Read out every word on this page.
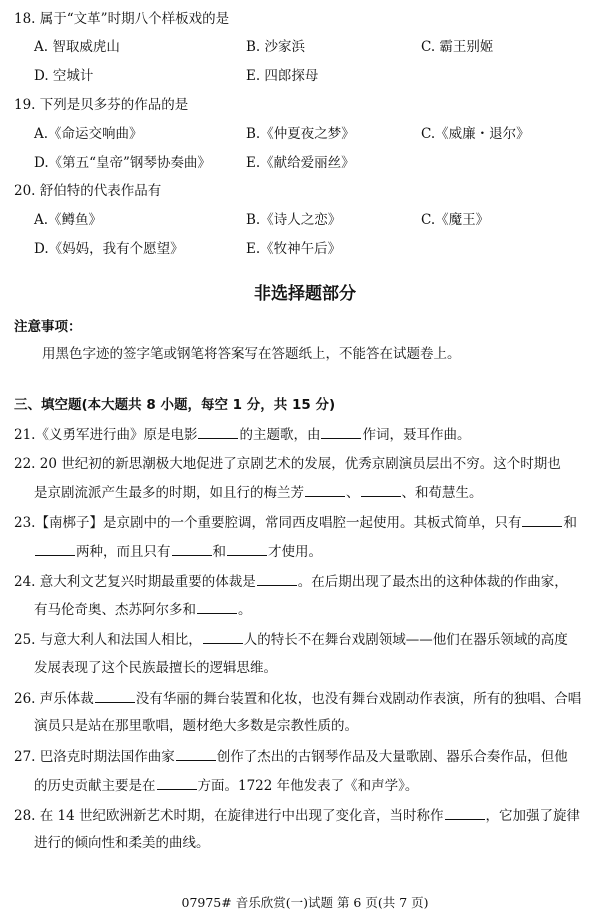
18. 属于“文革”时期八个样板戏的是
A. 智取威虎山	B. 沙家浜	C. 霸王别姬
D. 空城计	E. 四郎探母
19. 下列是贝多芬的作品的是
A.《命运交响曲》	B.《仲夏夜之梦》	C.《威廉・退尔》
D.《第五“皇帝”钢琴协奏曲》	E.《献给爱丽丝》
20. 舒伯特的代表作品有
A.《鳟鱼》	B.《诗人之恋》	C.《魔王》
D.《妈妈，我有个愿望》	E.《牧神午后》
非选择题部分
注意事项：
用黑色字迹的签字笔或钢笔将答案写在答题纸上，不能答在试题卷上。
三、填空题(本大题共 8 小题，每空 1 分，共 15 分)
21.《义勇军进行曲》原是电影	的主题歌，由	作词，聂耳作曲。
22. 20 世纪初的新思潮极大地促进了京剧艺术的发展，优秀京剧演员层出不穷。这个时期也
是京剧流派产生最多的时期，如且行的梅兰芳	、	、和荀慧生。
23.【南梆子】是京剧中的一个重要腔调，常同西皮唱腔一起使用。其板式简单，只有	和
两种，而且只有	和	才使用。
24. 意大利文艺复兴时期最重要的体裁是	。在后期出现了最杰出的这种体裁的作曲家，
有马伦奇奥、杰苏阿尔多和	。
25. 与意大利人和法国人相比，	人的特长不在舞台戏剧领域——他们在器乐领域的高度
发展表现了这个民族最擅长的逻辑思维。
26. 声乐体裁	没有华丽的舞台装置和化妆，也没有舞台戏剧动作表演，所有的独唱、合唱
演员只是站在那里歌唱，题材绝大多数是宗教性质的。
27. 巴洛克时期法国作曲家	创作了杰出的古钢琴作品及大量歌剧、器乐合奏作品，但他
的历史贡献主要是在	方面。1722 年他发表了《和声学》。
28. 在 14 世纪欧洲新艺术时期，在旋律进行中出现了变化音，当时称作	，它加强了旋律
进行的倾向性和柔美的曲线。
07975# 音乐欣赏(一)试题 第 6 页(共 7 页)
